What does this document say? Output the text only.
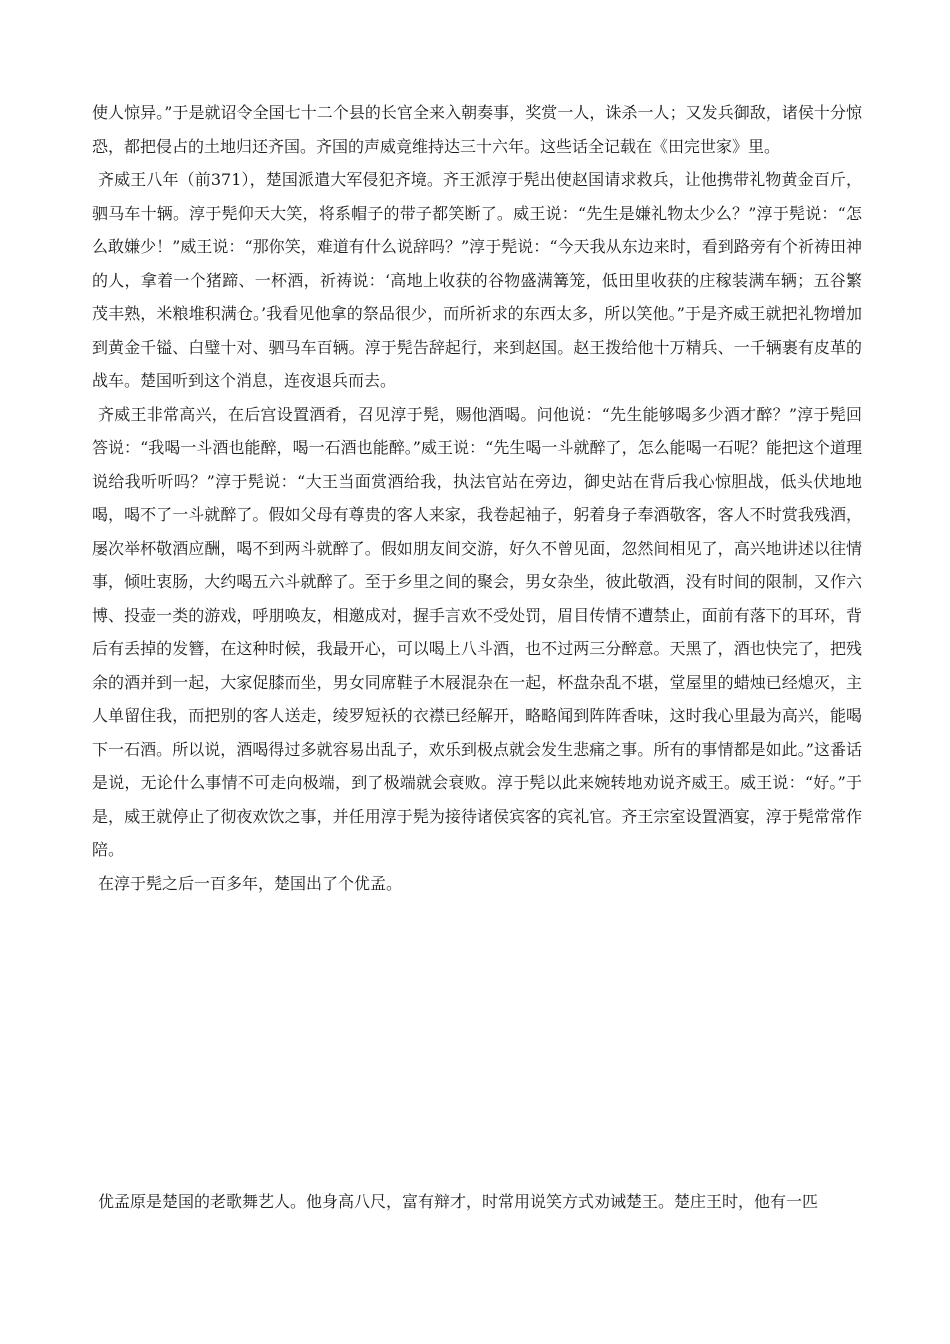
使人惊异。”于是就诏令全国七十二个县的长官全来入朝奏事，奖赏一人，诛杀一人；又发兵御敌，诸侯十分惊恐，都把侵占的土地归还齐国。齐国的声威竟维持达三十六年。这些话全记载在《田完世家》里。

齐威王八年（前371），楚国派遣大军侵犯齐境。齐王派淳于髡出使赵国请求救兵，让他携带礼物黄金百斤，驷马车十辆。淳于髡仰天大笑，将系帽子的带子都笑断了。威王说：“先生是嫌礼物太少么？”淳于髡说：“怎么敢嫌少！”威王说：“那你笑，难道有什么说辞吗？”淳于髡说：“今天我从东边来时，看到路旁有个祈祷田神的人，拿着一个猪蹄、一杯酒，祈祷说：‘高地上收获的谷物盛满篝笼，低田里收获的庄稼装满车辆；五谷繁茂丰熟，米粮堆积满仓。’我看见他拿的祭品很少，而所祈求的东西太多，所以笑他。”于是齐威王就把礼物增加到黄金千镒、白璧十对、驷马车百辆。淳于髡告辞起行，来到赵国。赵王拨给他十万精兵、一千辆裹有皮革的战车。楚国听到这个消息，连夜退兵而去。

齐威王非常高兴，在后宫设置酒肴，召见淳于髡，赐他酒喝。问他说：“先生能够喝多少酒才醉？”淳于髡回答说：“我喝一斗酒也能醉，喝一石酒也能醉。”威王说：“先生喝一斗就醉了，怎么能喝一石呢？能把这个道理说给我听听吗？”淳于髡说：“大王当面赏酒给我，执法官站在旁边，御史站在背后我心惊胆战，低头伏地地喝，喝不了一斗就醉了。假如父母有尊贵的客人来家，我卷起袖子，躬着身子奉酒敬客，客人不时赏我残酒，屡次举杯敬酒应酬，喝不到两斗就醉了。假如朋友间交游，好久不曾见面，忽然间相见了，高兴地讲述以往情事，倾吐衷肠，大约喝五六斗就醉了。至于乡里之间的聚会，男女杂坐，彼此敬酒，没有时间的限制，又作六博、投壶一类的游戏，呼朋唤友，相邀成对，握手言欢不受处罚，眉目传情不遭禁止，面前有落下的耳环，背后有丢掉的发簪，在这种时候，我最开心，可以喝上八斗酒，也不过两三分醉意。天黑了，酒也快完了，把残余的酒并到一起，大家促膝而坐，男女同席鞋子木屐混杂在一起，杯盘杂乱不堪，堂屋里的蜡烛已经熄灭，主人单留住我，而把别的客人送走，绫罗短袄的衣襟已经解开，略略闻到阵阵香味，这时我心里最为高兴，能喝下一石酒。所以说，酒喝得过多就容易出乱子，欢乐到极点就会发生悲痛之事。所有的事情都是如此。”这番话是说，无论什么事情不可走向极端，到了极端就会衰败。淳于髡以此来婉转地劝说齐威王。威王说：“好。”于是，威王就停止了彻夜欢饮之事，并任用淳于髡为接待诸侯宾客的宾礼官。齐王宗室设置酒宴，淳于髡常常作陪。

在淳于髡之后一百多年，楚国出了个优孟。

优孟原是楚国的老歌舞艺人。他身高八尺，富有辩才，时常用说笑方式劝诫楚王。楚庄王时，他有一匹
